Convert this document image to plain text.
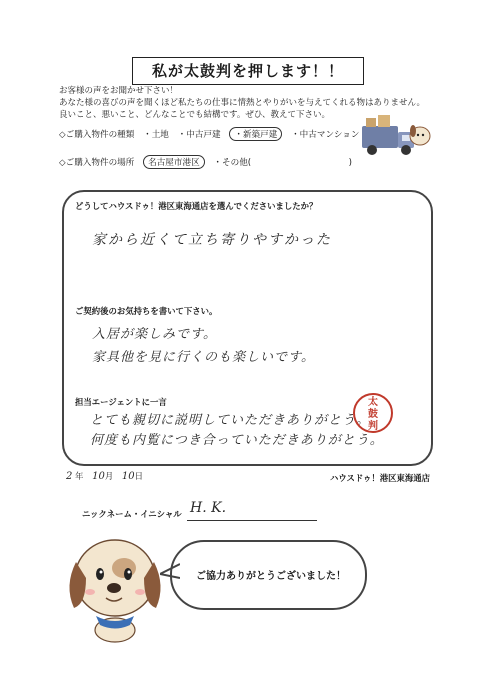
私が太鼓判を押します！！
お客様の声をお聞かせ下さい！
あなた様の喜びの声を聞くほど私たちの仕事に情熱とやりがいを与えてくれる物はありません。
良いこと、悪いこと、どんなことでも結構です。ぜひ、教えて下さい。
◇ご購入物件の種類 ・土地 ・中古戸建 ・新築戸建 ・中古マンション
◇ご購入物件の場所 名古屋市港区 ・その他(	)
どうしてハウスドゥ！港区東海通店を選んでくださいましたか？
家から近くて立ち寄りやすかった
ご契約後のお気持ちを書いて下さい。
入居が楽しみです。
家具他を見に行くのも楽しいです。
担当エージェントに一言
とても親切に説明していただきありがとう。
何度も内覧につき合っていただきありがとう。
太
鼓
判
2 年 10月 10日	ハウスドゥ！港区東海通店
ニックネーム・イニシャル H. K.
ご協力ありがとうございました！
